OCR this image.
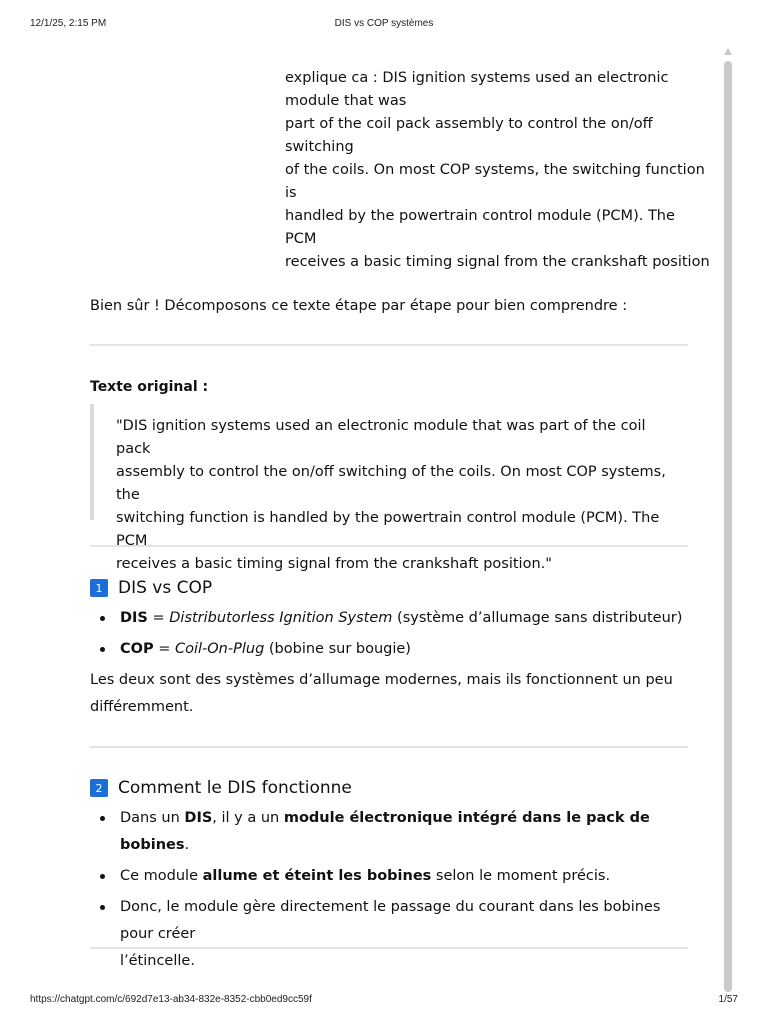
12/1/25, 2:15 PM	DIS vs COP systèmes
explique ca : DIS ignition systems used an electronic
module that was
part of the coil pack assembly to control the on/off
switching
of the coils. On most COP systems, the switching function
is
handled by the powertrain control module (PCM). The
PCM
receives a basic timing signal from the crankshaft position
Bien sûr ! Décomposons ce texte étape par étape pour bien comprendre :
Texte original :
"DIS ignition systems used an electronic module that was part of the coil pack
assembly to control the on/off switching of the coils. On most COP systems, the
switching function is handled by the powertrain control module (PCM). The PCM
receives a basic timing signal from the crankshaft position."
1 DIS vs COP
DIS = Distributorless Ignition System (système d’allumage sans distributeur)
COP = Coil-On-Plug (bobine sur bougie)
Les deux sont des systèmes d’allumage modernes, mais ils fonctionnent un peu
différemment.
2 Comment le DIS fonctionne
Dans un DIS, il y a un module électronique intégré dans le pack de bobines.
Ce module allume et éteint les bobines selon le moment précis.
Donc, le module gère directement le passage du courant dans les bobines pour créer
l’étincelle.
https://chatgpt.com/c/692d7e13-ab34-832e-8352-cbb0ed9cc59f	1/57
